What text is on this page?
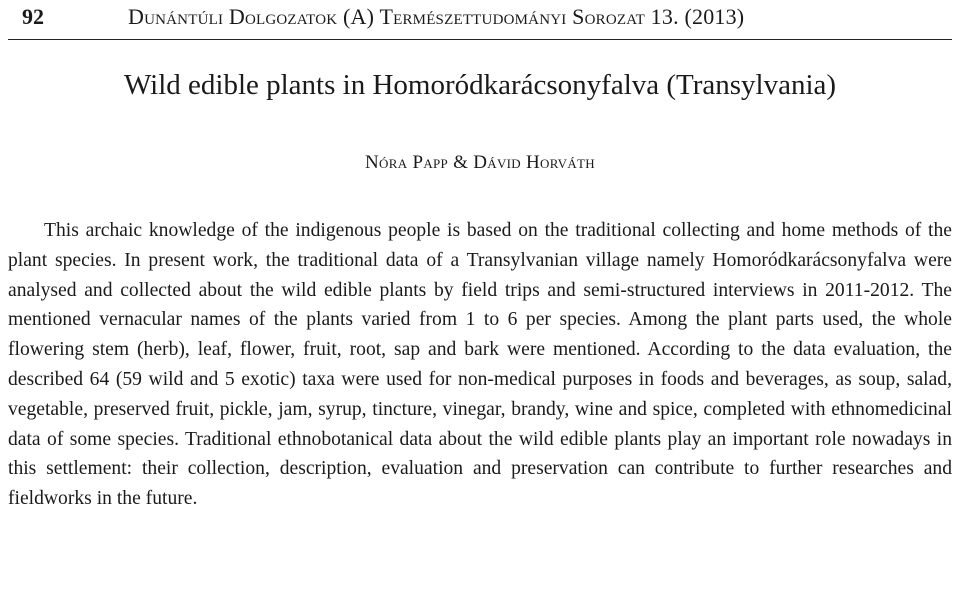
92	Dunántúli Dolgozatok (A) Természettudományi Sorozat 13. (2013)
Wild edible plants in Homoródkarácsonyfalva (Transylvania)
Nóra Papp & Dávid Horváth

This archaic knowledge of the indigenous people is based on the traditional collecting and home methods of the plant species. In present work, the traditional data of a Transylvanian village namely Homoródkarácsonyfalva were analysed and collected about the wild edible plants by field trips and semi-structured interviews in 2011-2012. The mentioned vernacular names of the plants varied from 1 to 6 per species. Among the plant parts used, the whole flowering stem (herb), leaf, flower, fruit, root, sap and bark were mentioned. According to the data evaluation, the described 64 (59 wild and 5 exotic) taxa were used for non-medical purposes in foods and beverages, as soup, salad, vegetable, preserved fruit, pickle, jam, syrup, tincture, vinegar, brandy, wine and spice, completed with ethnomedicinal data of some species. Traditional ethnobotanical data about the wild edible plants play an important role nowadays in this settlement: their collection, description, evaluation and preservation can contribute to further researches and fieldworks in the future.
